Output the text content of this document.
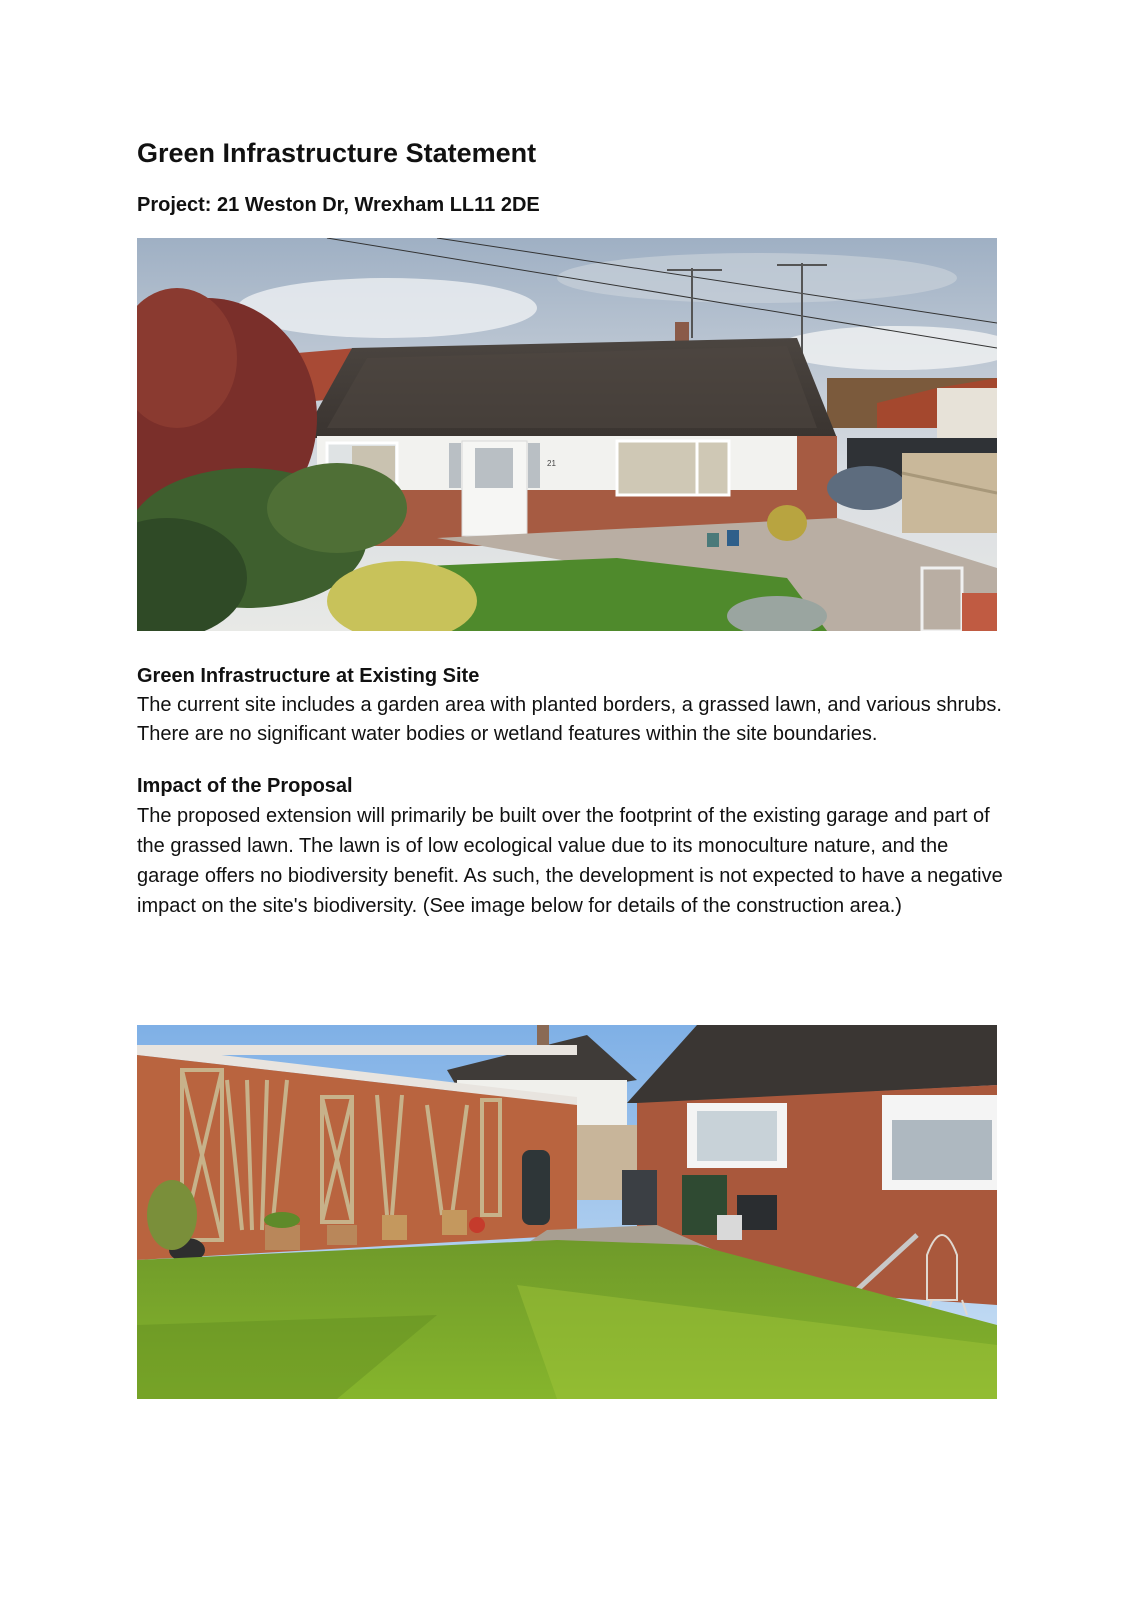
Green Infrastructure Statement
Project: 21 Weston Dr, Wrexham LL11 2DE
21
Green Infrastructure at Existing Site

The current site includes a garden area with planted borders, a grassed lawn, and various shrubs. There are no significant water bodies or wetland features within the site boundaries.

Impact of the Proposal

The proposed extension will primarily be built over the footprint of the existing garage and part of the grassed lawn. The lawn is of low ecological value due to its monoculture nature, and the garage offers no biodiversity benefit. As such, the development is not expected to have a negative impact on the site's biodiversity. (See image below for details of the construction area.)
